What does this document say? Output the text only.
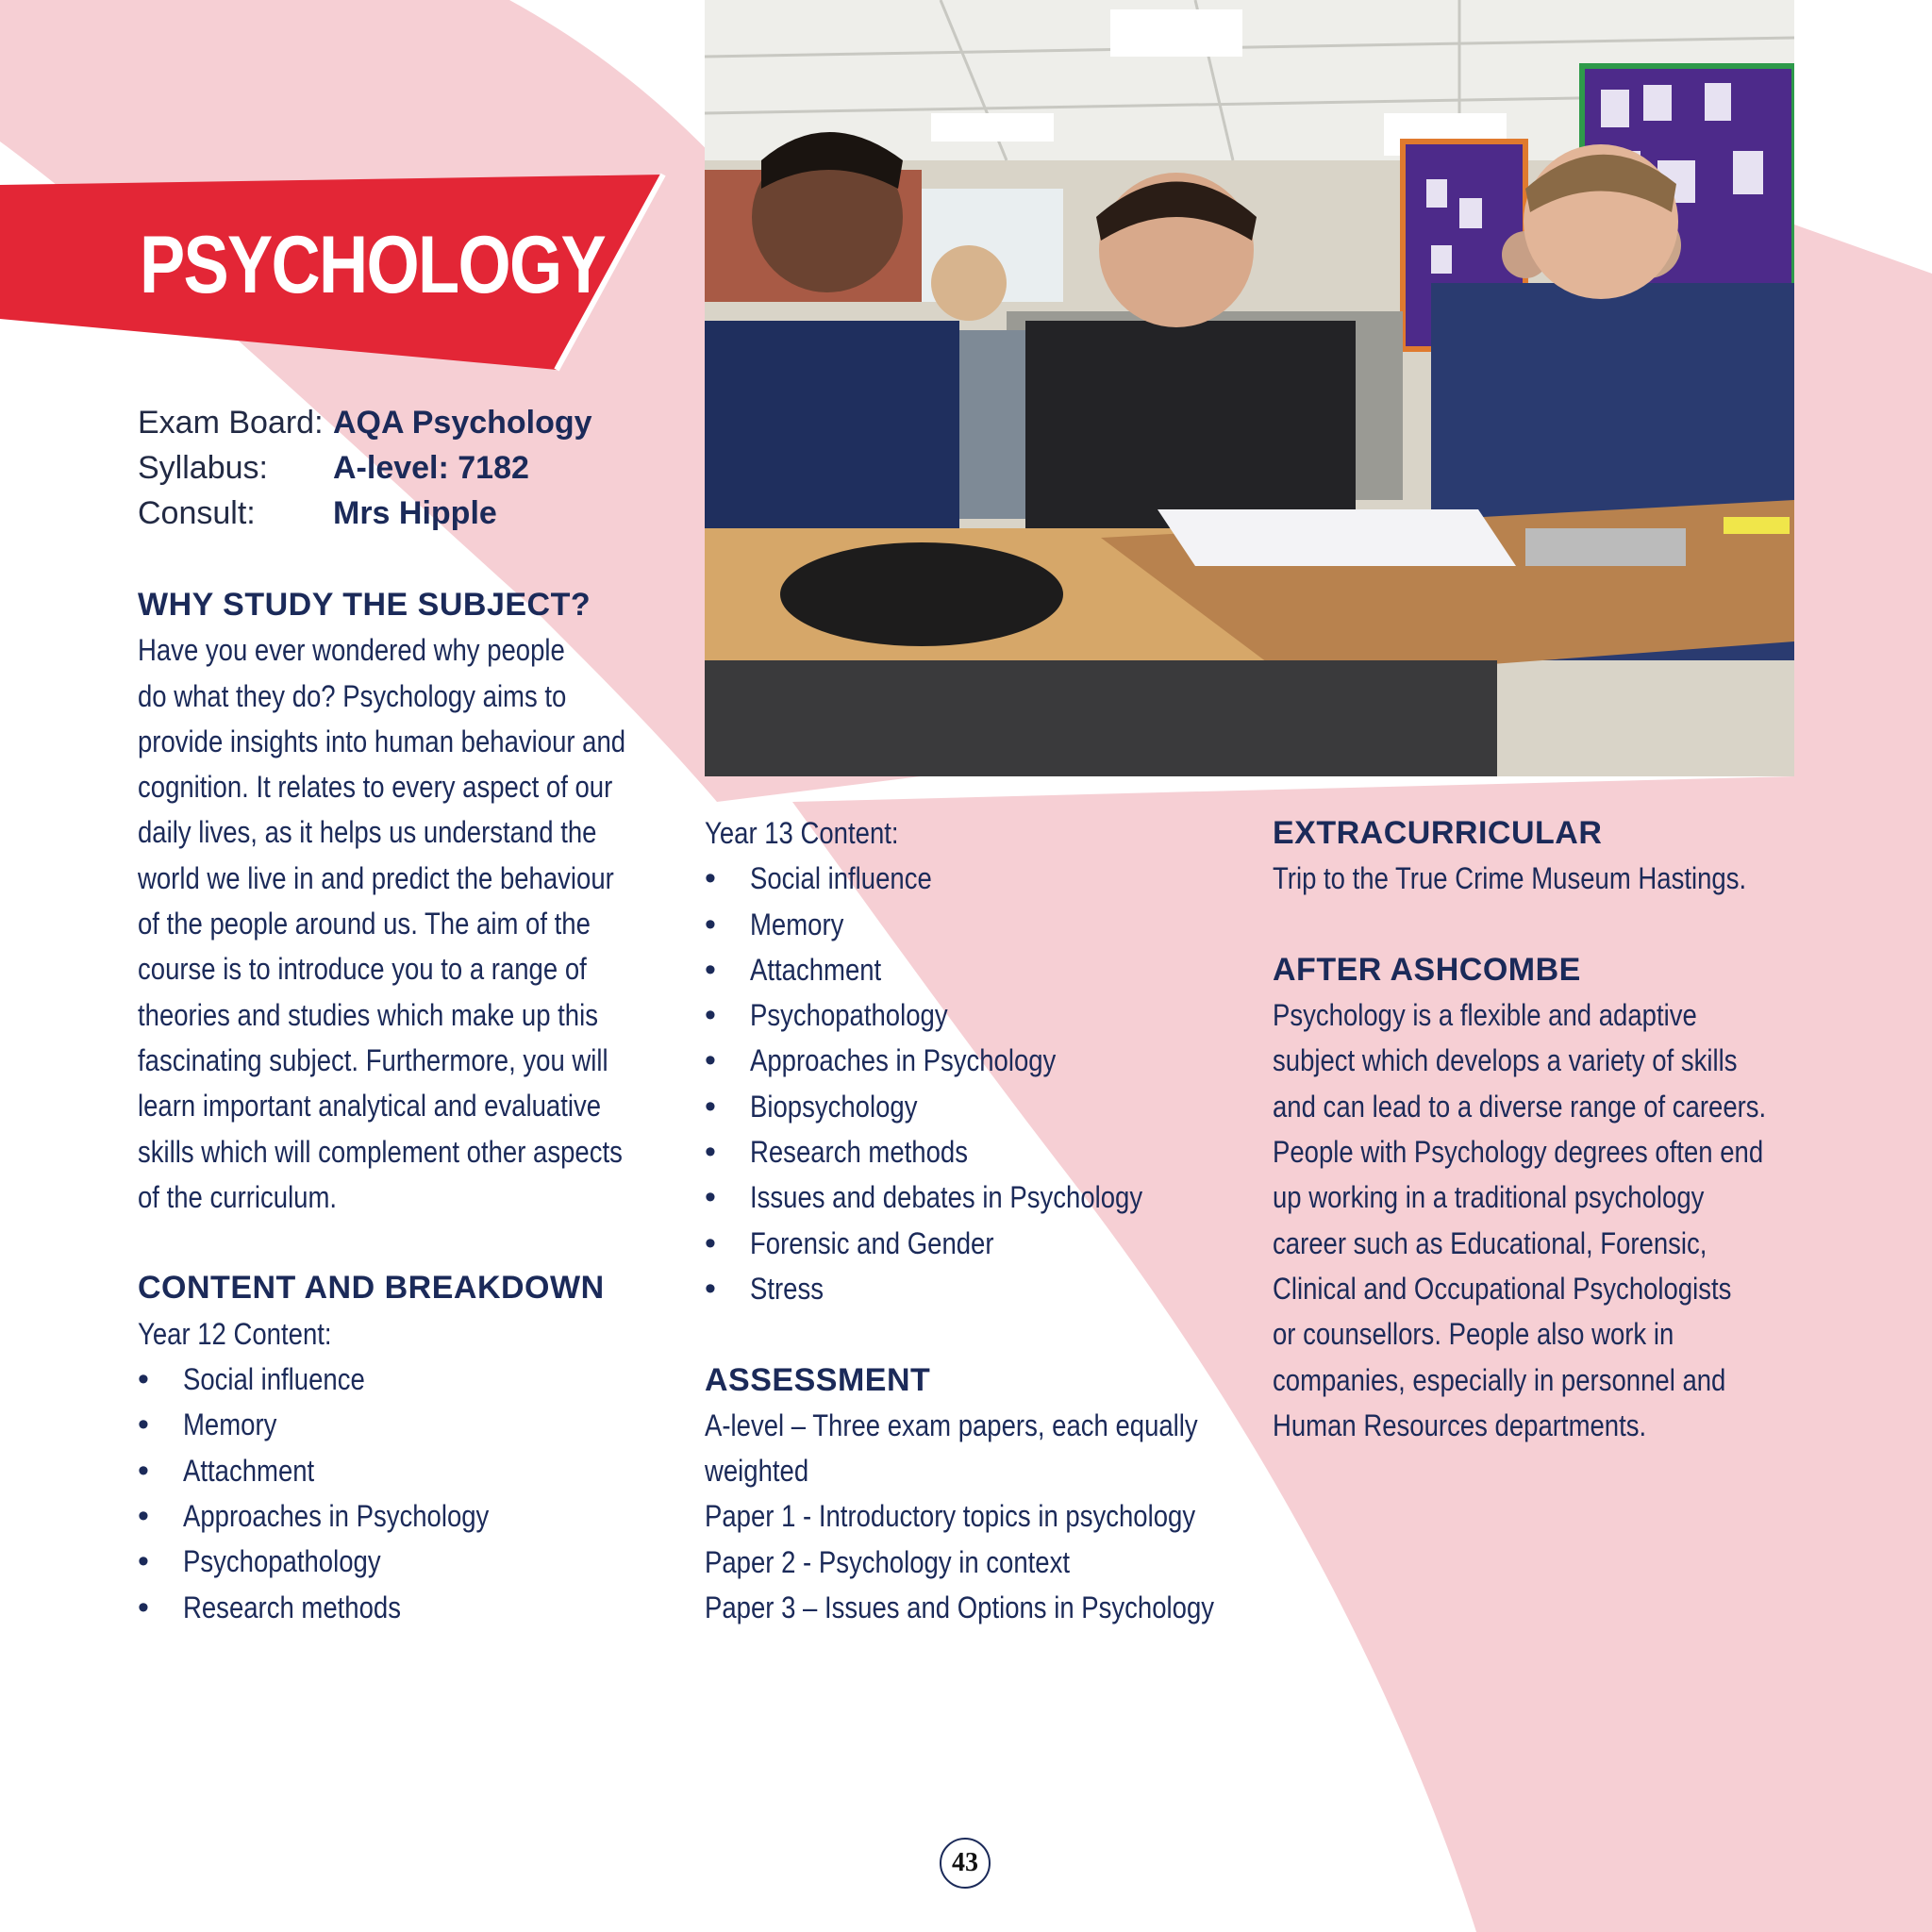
PSYCHOLOGY
Exam Board: AQA Psychology
Syllabus:	A-level: 7182
Consult:	Mrs Hipple

WHY STUDY THE SUBJECT?

Have you ever wondered why people
do what they do? Psychology aims to
provide insights into human behaviour and
cognition. It relates to every aspect of our
daily lives, as it helps us understand the
world we live in and predict the behaviour
of the people around us. The aim of the
course is to introduce you to a range of
theories and studies which make up this
fascinating subject. Furthermore, you will
learn important analytical and evaluative
skills which will complement other aspects
of the curriculum.

CONTENT AND BREAKDOWN

Year 12 Content:
• Social influence
• Memory
• Attachment
• Approaches in Psychology
• Psychopathology
• Research methods
Year 13 Content:
• Social influence
• Memory
• Attachment
• Psychopathology
• Approaches in Psychology
• Biopsychology
• Research methods
• Issues and debates in Psychology
• Forensic and Gender
• Stress

ASSESSMENT

A-level – Three exam papers, each equally
weighted
Paper 1 - Introductory topics in psychology
Paper 2 - Psychology in context
Paper 3 – Issues and Options in Psychology

EXTRACURRICULAR

Trip to the True Crime Museum Hastings.

AFTER ASHCOMBE

Psychology is a flexible and adaptive
subject which develops a variety of skills
and can lead to a diverse range of careers.
People with Psychology degrees often end
up working in a traditional psychology
career such as Educational, Forensic,
Clinical and Occupational Psychologists
or counsellors. People also work in
companies, especially in personnel and
Human Resources departments.
43
